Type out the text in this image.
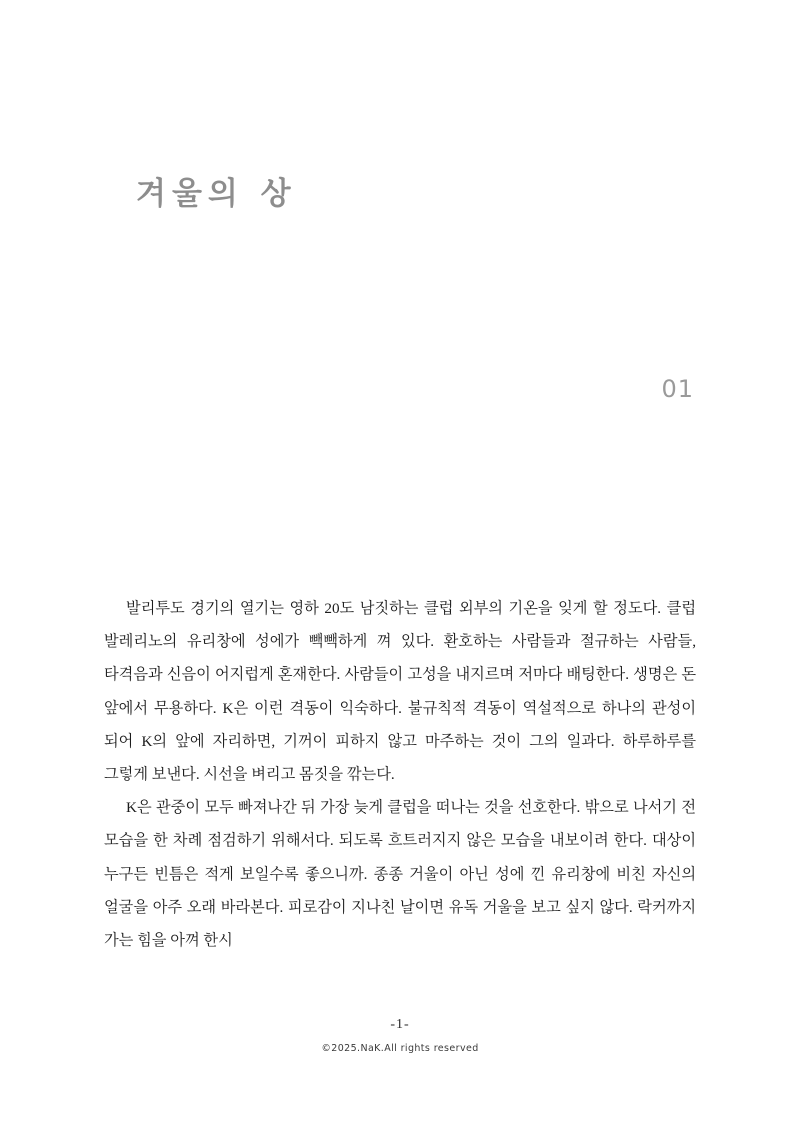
겨울의 상
01

발리투도 경기의 열기는 영하 20도 남짓하는 클럽 외부의 기온을 잊게 할 정도다. 클럽 발레리노의 유리창에 성에가 빽빽하게 껴 있다. 환호하는 사람들과 절규하는 사람들, 타격음과 신음이 어지럽게 혼재한다. 사람들이 고성을 내지르며 저마다 배팅한다. 생명은 돈 앞에서 무용하다. K은 이런 격동이 익숙하다. 불규칙적 격동이 역설적으로 하나의 관성이 되어 K의 앞에 자리하면, 기꺼이 피하지 않고 마주하는 것이 그의 일과다. 하루하루를 그렇게 보낸다. 시선을 벼리고 몸짓을 깎는다.

K은 관중이 모두 빠져나간 뒤 가장 늦게 클럽을 떠나는 것을 선호한다. 밖으로 나서기 전 모습을 한 차례 점검하기 위해서다. 되도록 흐트러지지 않은 모습을 내보이려 한다. 대상이 누구든 빈틈은 적게 보일수록 좋으니까. 종종 거울이 아닌 성에 낀 유리창에 비친 자신의 얼굴을 아주 오래 바라본다. 피로감이 지나친 날이면 유독 거울을 보고 싶지 않다. 락커까지 가는 힘을 아껴 한시

-1-
©2025.NaK.All rights reserved
